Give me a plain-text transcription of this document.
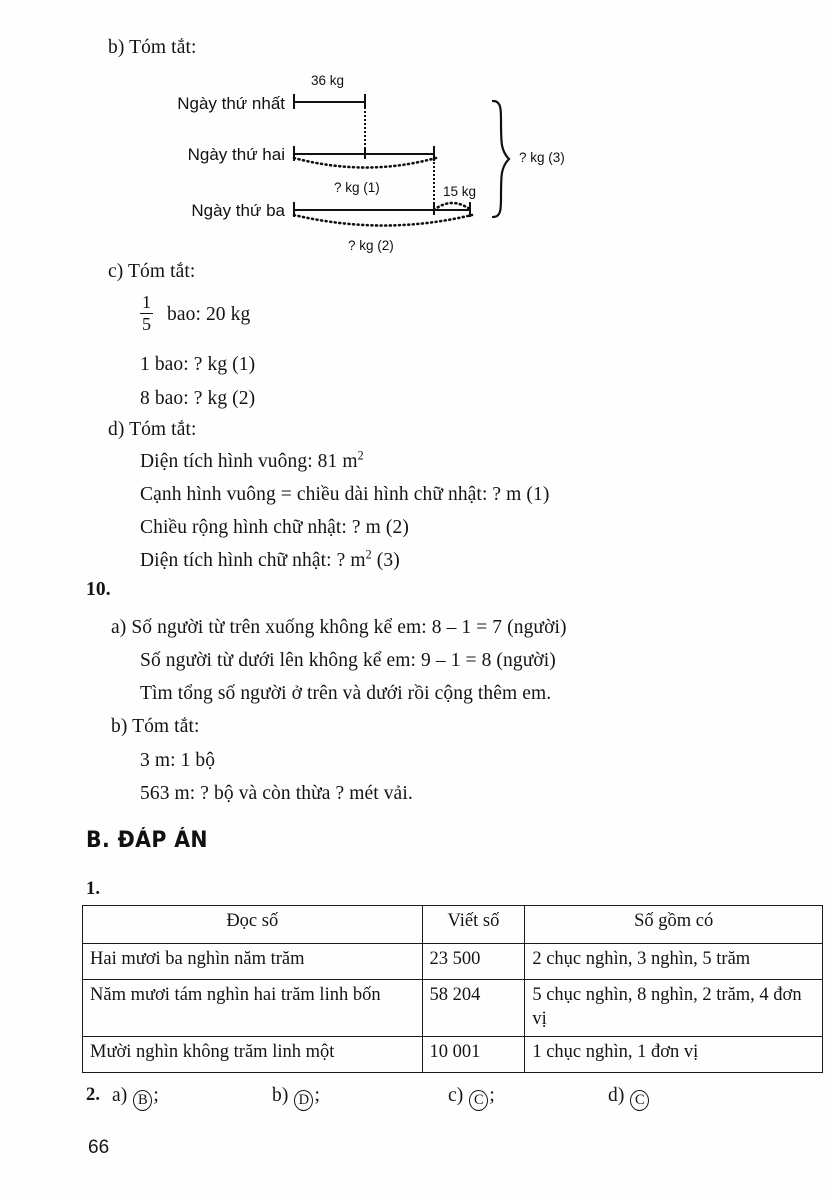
b) Tóm tắt:
Ngày thứ nhất
Ngày thứ hai
Ngày thứ ba
36 kg
? kg (1)	15 kg
? kg (2)
? kg (3)
c) Tóm tắt:
1
5 bao: 20 kg
1 bao: ? kg (1)
8 bao: ? kg (2)
d) Tóm tắt:
Diện tích hình vuông: 81 $m^2$
Cạnh hình vuông = chiều dài hình chữ nhật: ? m (1)
Chiều rộng hình chữ nhật: ? m (2)
Diện tích hình chữ nhật: ? $m^2$ (3)
10.
a) Số người từ trên xuống không kể em: 8 – 1 = 7 (người)
Số người từ dưới lên không kể em: 9 – 1 = 8 (người)
Tìm tổng số người ở trên và dưới rồi cộng thêm em.
b) Tóm tắt:
3 m: 1 bộ
563 m: ? bộ và còn thừa ? mét vải.
B. ĐÁP ÁN
1.
Đọc số	Viết số	Số gồm có
Hai mươi ba nghìn năm trăm	23 500	2 chục nghìn, 3 nghìn, 5 trăm
Năm mươi tám nghìn hai trăm linh bốn	58 204	5 chục nghìn, 8 nghìn, 2 trăm, 4 đơn vị
Mười nghìn không trăm linh một	10 001	1 chục nghìn, 1 đơn vị
2. a) B ;	b) D ;	c) C ;	d) C
66
